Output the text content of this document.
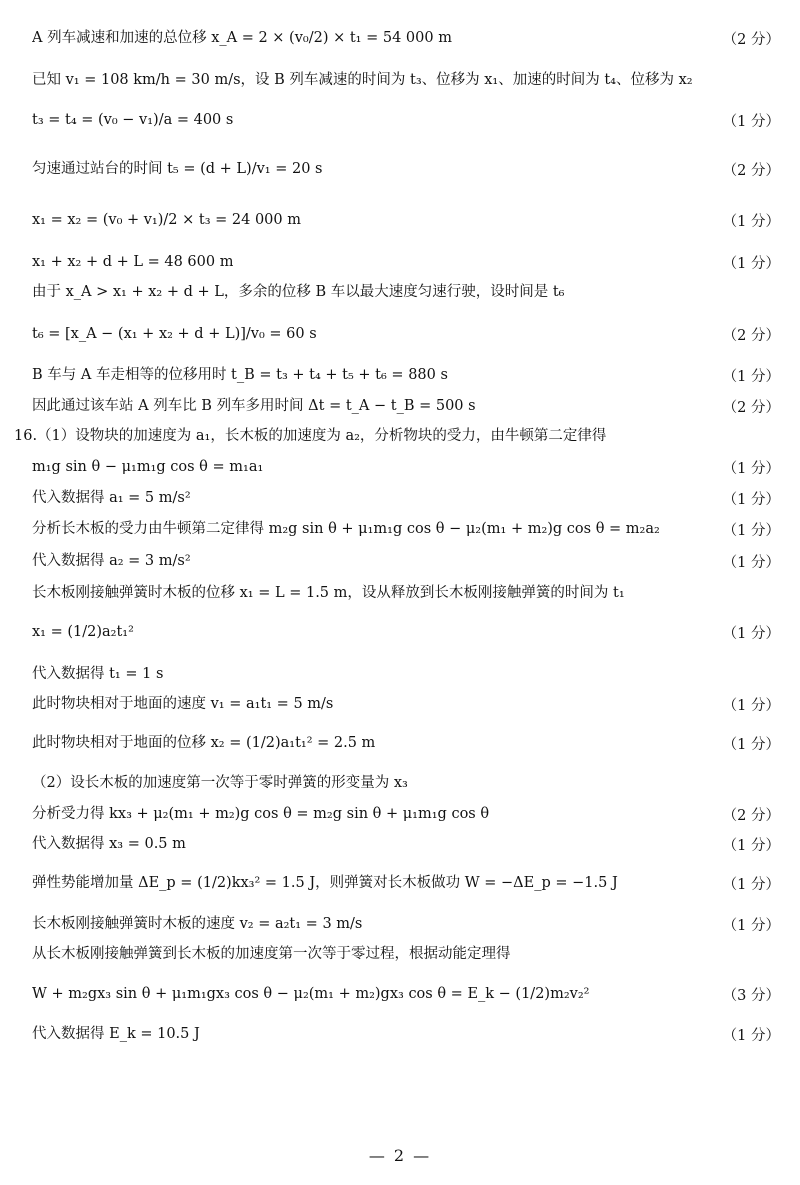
A 列车减速和加速的总位移 x_A = 2 × (v₀/2) × t₁ = 54 000 m	（2 分）
已知 v₁ = 108 km/h = 30 m/s，设 B 列车减速的时间为 t₃、位移为 x₁、加速的时间为 t₄、位移为 x₂
t₃ = t₄ = (v₀ − v₁)/a = 400 s	（1 分）
匀速通过站台的时间 t₅ = (d + L)/v₁ = 20 s	（2 分）
x₁ = x₂ = (v₀ + v₁)/2 × t₃ = 24 000 m	（1 分）
x₁ + x₂ + d + L = 48 600 m	（1 分）
由于 x_A > x₁ + x₂ + d + L，多余的位移 B 车以最大速度匀速行驶，设时间是 t₆
t₆ = [x_A − (x₁ + x₂ + d + L)]/v₀ = 60 s	（2 分）
B 车与 A 车走相等的位移用时 t_B = t₃ + t₄ + t₅ + t₆ = 880 s	（1 分）
因此通过该车站 A 列车比 B 列车多用时间 Δt = t_A − t_B = 500 s	（2 分）
16.（1）设物块的加速度为 a₁，长木板的加速度为 a₂，分析物块的受力，由牛顿第二定律得
m₁g sin θ − μ₁m₁g cos θ = m₁a₁	（1 分）
代入数据得 a₁ = 5 m/s²	（1 分）
分析长木板的受力由牛顿第二定律得 m₂g sin θ + μ₁m₁g cos θ − μ₂(m₁ + m₂)g cos θ = m₂a₂	（1 分）
代入数据得 a₂ = 3 m/s²	（1 分）
长木板刚接触弹簧时木板的位移 x₁ = L = 1.5 m，设从释放到长木板刚接触弹簧的时间为 t₁
x₁ = (1/2)a₂t₁²	（1 分）
代入数据得 t₁ = 1 s
此时物块相对于地面的速度 v₁ = a₁t₁ = 5 m/s	（1 分）
此时物块相对于地面的位移 x₂ = (1/2)a₁t₁² = 2.5 m	（1 分）
（2）设长木板的加速度第一次等于零时弹簧的形变量为 x₃
分析受力得 kx₃ + μ₂(m₁ + m₂)g cos θ = m₂g sin θ + μ₁m₁g cos θ	（2 分）
代入数据得 x₃ = 0.5 m	（1 分）
弹性势能增加量 ΔE_p = (1/2)kx₃² = 1.5 J，则弹簧对长木板做功 W = −ΔE_p = −1.5 J	（1 分）
长木板刚接触弹簧时木板的速度 v₂ = a₂t₁ = 3 m/s	（1 分）
从长木板刚接触弹簧到长木板的加速度第一次等于零过程，根据动能定理得
W + m₂gx₃ sin θ + μ₁m₁gx₃ cos θ − μ₂(m₁ + m₂)gx₃ cos θ = E_k − (1/2)m₂v₂²	（3 分）
代入数据得 E_k = 10.5 J	（1 分）
— 2 —
